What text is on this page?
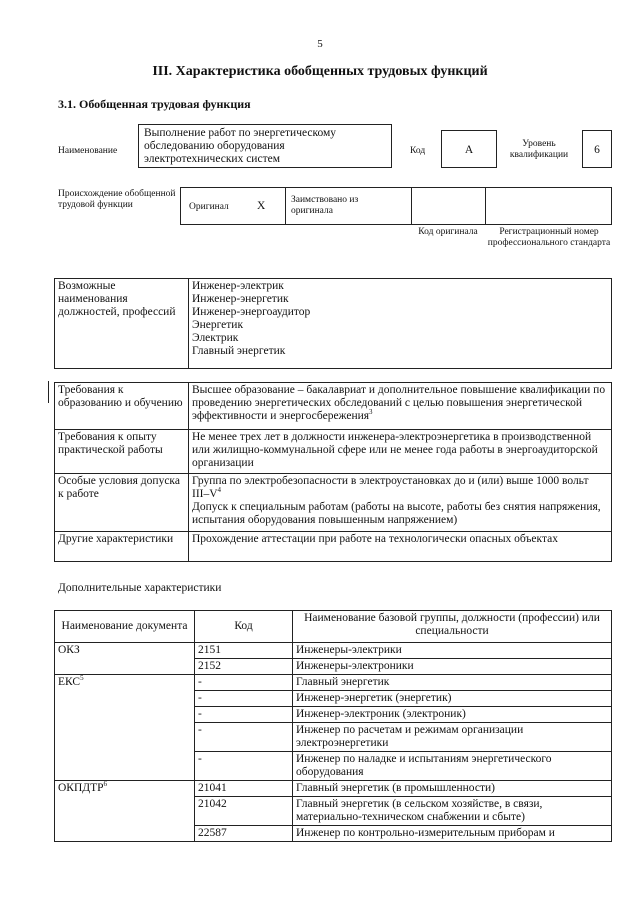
5
III. Характеристика обобщенных трудовых функций
3.1. Обобщенная трудовая функция
Наименование
Выполнение работ по энергетическому обследованию оборудования электротехнических систем
Код	А	Уровень квалификации	6
Происхождение обобщенной трудовой функции	Оригинал Х	Заимствовано из оригинала
Код оригинала	Регистрационный номер профессионального стандарта
Возможные наименования должностей, профессий	
Инженер-электрик
Инженер-энергетик
Инженер-энергоаудитор
Энергетик
Электрик
Главный энергетик
Требования к образованию и обучению	Высшее образование – бакалавриат и дополнительное повышение квалификации по проведению энергетических обследований с целью повышения энергетической эффективности и энергосбережения$^3$
Требования к опыту практической работы	Не менее трех лет в должности инженера-электроэнергетика в производственной или жилищно-коммунальной сфере или не менее года работы в энергоаудиторской организации
Особые условия допуска к работе	Группа по электробезопасности в электроустановках до и (или) выше 1000 вольт III–$V^4$
Допуск к специальным работам (работы на высоте, работы без снятия напряжения, испытания оборудования повышенным напряжением)

Другие характеристики	Прохождение аттестации при работе на технологически опасных объектах
Дополнительные характеристики
Наименование документа	Код	Наименование базовой группы, должности (профессии) или специальности
ОКЗ	2151	Инженеры-электрики
	2152	Инженеры-электроники
ЕКС$^5$	-	Главный энергетик
	-	Инженер-энергетик (энергетик)
	-	Инженер-электроник (электроник)
	-	Инженер по расчетам и режимам организации электроэнергетики
	-	Инженер по наладке и испытаниям энергетического оборудования
ОКПДТР$^6$	21041	Главный энергетик (в промышленности)
	21042	Главный энергетик (в сельском хозяйстве, в связи, материально-техническом снабжении и сбыте)
	22587	Инженер по контрольно-измерительным приборам и
